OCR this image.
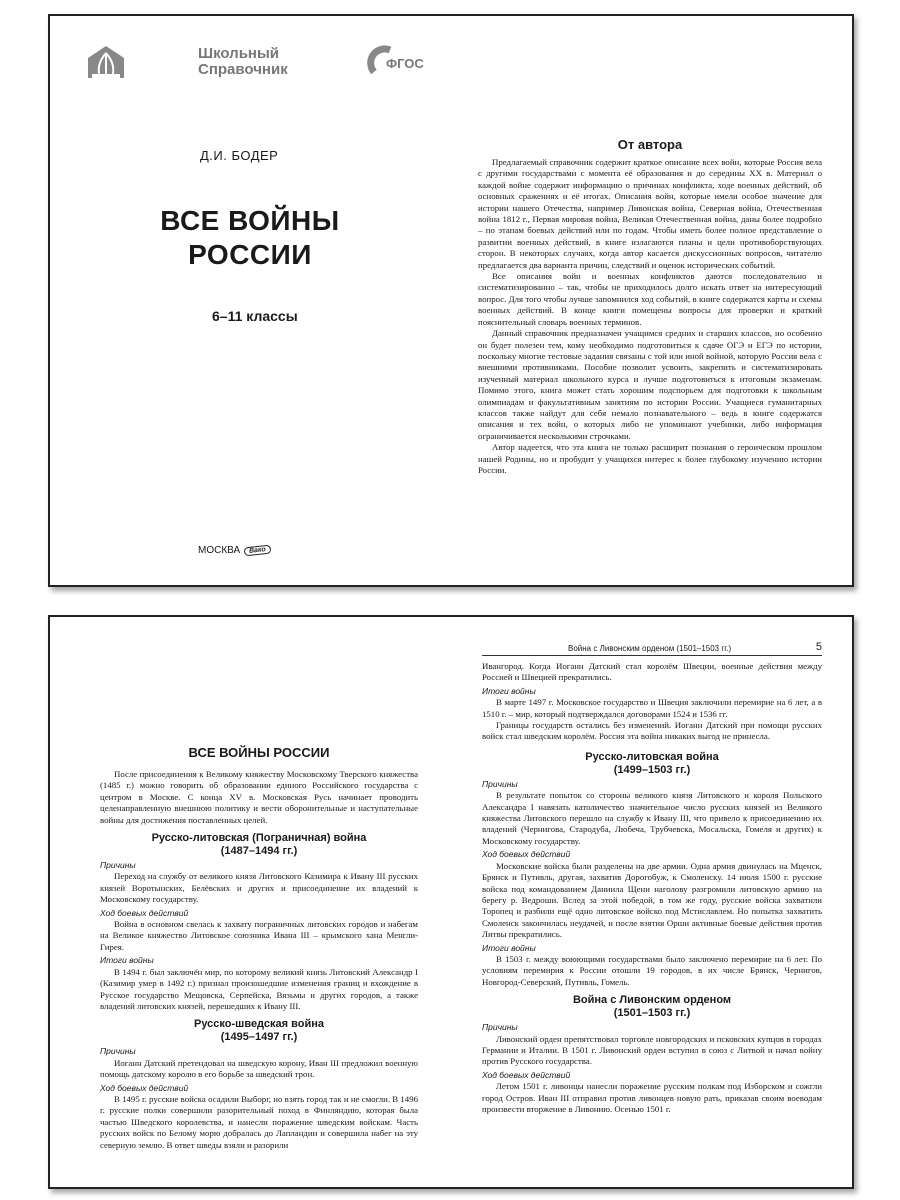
Школьный
Справочник	ФГОС
Д.И. БОДЕР
ВСЕ ВОЙНЫ
РОССИИ
6–11 классы
МОСКВА	Вако
От автора

Предлагаемый справочник содержит краткое описание всех войн, которые Россия вела с другими государствами с момента её образования и до середины XX в. Материал о каждой войне содержит информацию о причинах конфликта, ходе военных действий, об основных сражениях и её итогах. Описания войн, которые имели особое значение для истории нашего Отечества, например Ливонская война, Северная война, Отечественная война 1812 г., Первая мировая война, Великая Отечественная война, даны более подробно – по этапам боевых действий или по годам. Чтобы иметь более полное представление о развитии военных действий, в книге излагаются планы и цели противоборствующих сторон. В некоторых случаях, когда автор касается дискуссионных вопросов, читателю предлагается два варианта причин, следствий и оценок исторических событий.

Все описания войн и военных конфликтов даются последовательно и систематизированно – так, чтобы не приходилось долго искать ответ на интересующий вопрос. Для того чтобы лучше запомнился ход событий, в книге содержатся карты и схемы военных действий. В конце книги помещены вопросы для проверки и краткий пояснительный словарь военных терминов.

Данный справочник предназначен учащимся средних и старших классов, но особенно он будет полезен тем, кому необходимо подготовиться к сдаче ОГЭ и ЕГЭ по истории, поскольку многие тестовые задания связаны с той или иной войной, которую Россия вела с внешними противниками. Пособие позволит усвоить, закрепить и систематизировать изученный материал школьного курса и лучше подготовиться к итоговым экзаменам. Помимо этого, книга может стать хорошим подспорьем для подготовки к школьным олимпиадам и факультативным занятиям по истории России. Учащиеся гуманитарных классов также найдут для себя немало познавательного – ведь в книге содержатся описания и тех войн, о которых либо не упоминают учебники, либо информация ограничивается несколькими строчками.

Автор надеется, что эта книга не только расширит познания о героическом прошлом нашей Родины, но и пробудит у учащихся интерес к более глубокому изучению истории России.

ВСЕ ВОЙНЫ РОССИИ

После присоединения к Великому княжеству Московскому Тверского княжества (1485 г.) можно говорить об образовании единого Российского государства с центром в Москве. С конца XV в. Московская Русь начинает проводить целенаправленную внешнюю политику и вести оборонительные и наступательные войны для достижения поставленных целей.

Русско-литовская (Пограничная) война
(1487–1494 гг.)
Причины

Переход на службу от великого князя Литовского Казимира к Ивану III русских князей Воротынских, Белёвских и других и присоединение их владений к Московскому государству.

Ход боевых действий

Война в основном свелась к захвату пограничных литовских городов и набегам на Великое княжество Литовское союзника Ивана III – крымского хана Менгли-Гирея.

Итоги войны

В 1494 г. был заключён мир, по которому великий князь Литовский Александр I (Казимир умер в 1492 г.) признал произошедшие изменения границ и вхождение в Русское государство Мещовска, Серпейска, Вязьмы и других городов, а также владений литовских князей, перешедших к Ивану III.

Русско-шведская война
(1495–1497 гг.)
Причины

Иоганн Датский претендовал на шведскую корону, Иван III предложил военную помощь датскому королю в его борьбе за шведский трон.

Ход боевых действий

В 1495 г. русские войска осадили Выборг, но взять город так и не смогли. В 1496 г. русские полки совершили разорительный поход в Финляндию, которая была частью Шведского королевства, и нанесли поражение шведским войскам. Часть русских войск по Белому морю добралась до Лапландии и совершила набег на эту северную землю. В ответ шведы взяли и разорили

Война с Ливонским орденом (1501–1503 гг.)	5

Ивангород. Когда Иоганн Датский стал королём Швеции, военные действия между Россией и Швецией прекратились.

Итоги войны

В марте 1497 г. Московское государство и Швеция заключили перемирие на 6 лет, а в 1510 г. – мир, который подтверждался договорами 1524 и 1536 гг.

Границы государств остались без изменений. Иоганн Датский при помощи русских войск стал шведским королём. Россия эта война никаких выгод не принесла.

Русско-литовская война
(1499–1503 гг.)
Причины

В результате попыток со стороны великого князя Литовского и короля Польского Александра I навязать католичество значительное число русских князей из Великого княжества Литовского перешло на службу к Ивану III, что привело к присоединению их владений (Чернигова, Стародуба, Любеча, Трубчевска, Мосальска, Гомеля и других) к Московскому государству.

Ход боевых действий

Московские войска были разделены на две армии. Одна армия двинулась на Мценск, Брянск и Путивль, другая, захватив Дорогобуж, к Смоленску. 14 июля 1500 г. русские войска под командованием Даниила Щени наголову разгромили литовскую армию на берегу р. Ведроши. Вслед за этой победой, в том же году, русские войска захватили Торопец и разбили ещё одно литовское войско под Мстиславлем. Но попытка захватить Смоленск закончилась неудачей, и после взятия Орши активные боевые действия против Литвы прекратились.

Итоги войны

В 1503 г. между воюющими государствами было заключено перемирие на 6 лет. По условиям перемирия к России отошли 19 городов, в их числе Брянск, Чернигов, Новгород-Северский, Путивль, Гомель.

Война с Ливонским орденом
(1501–1503 гг.)
Причины

Ливонский орден препятствовал торговле новгородских и псковских купцов в городах Германии и Италии. В 1501 г. Ливонский орден вступил в союз с Литвой и начал войну против Русского государства.

Ход боевых действий

Летом 1501 г. ливонцы нанесли поражение русским полкам под Изборском и сожгли город Остров. Иван III отправил против ливонцев новую рать, приказав своим воеводам произвести вторжение в Ливонию. Осенью 1501 г.
